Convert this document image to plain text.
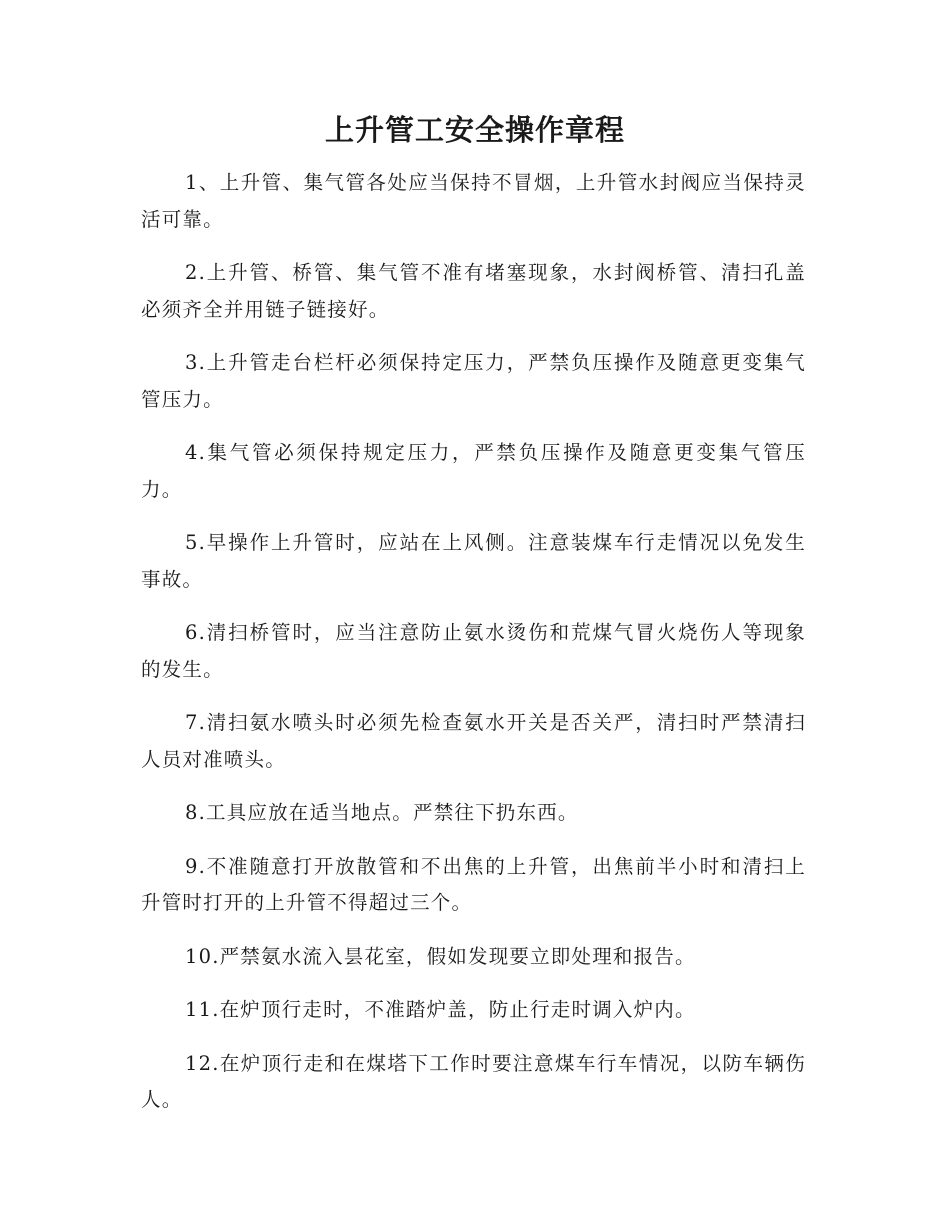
上升管工安全操作章程

1、上升管、集气管各处应当保持不冒烟，上升管水封阀应当保持灵活可靠。

2.上升管、桥管、集气管不准有堵塞现象，水封阀桥管、清扫孔盖必须齐全并用链子链接好。

3.上升管走台栏杆必须保持定压力，严禁负压操作及随意更变集气管压力。

4.集气管必须保持规定压力，严禁负压操作及随意更变集气管压力。

5.早操作上升管时，应站在上风侧。注意装煤车行走情况以免发生事故。

6.清扫桥管时，应当注意防止氨水烫伤和荒煤气冒火烧伤人等现象的发生。

7.清扫氨水喷头时必须先检查氨水开关是否关严，清扫时严禁清扫人员对准喷头。

8.工具应放在适当地点。严禁往下扔东西。

9.不准随意打开放散管和不出焦的上升管，出焦前半小时和清扫上升管时打开的上升管不得超过三个。

10.严禁氨水流入昙花室，假如发现要立即处理和报告。

11.在炉顶行走时，不准踏炉盖，防止行走时调入炉内。

12.在炉顶行走和在煤塔下工作时要注意煤车行车情况，以防车辆伤人。
